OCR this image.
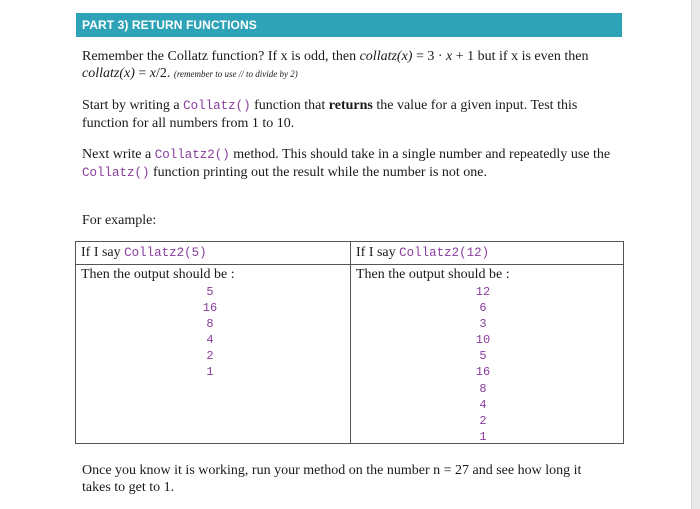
PART 3) RETURN FUNCTIONS
Remember the Collatz function? If x is odd, then collatz(x) = 3 · x + 1 but if x is even then collatz(x) = x/2. (remember to use // to divide by 2)
Start by writing a Collatz() function that returns the value for a given input. Test this function for all numbers from 1 to 10.
Next write a Collatz2() method. This should take in a single number and repeatedly use the Collatz() function printing out the result while the number is not one.
For example:
If I say Collatz2(5)
Then the output should be :
5
16
8
4
2
1
If I say Collatz2(12)
Then the output should be :
12
6
3
10
5
16
8
4
2
1
Once you know it is working, run your method on the number n = 27 and see how long it takes to get to 1.
